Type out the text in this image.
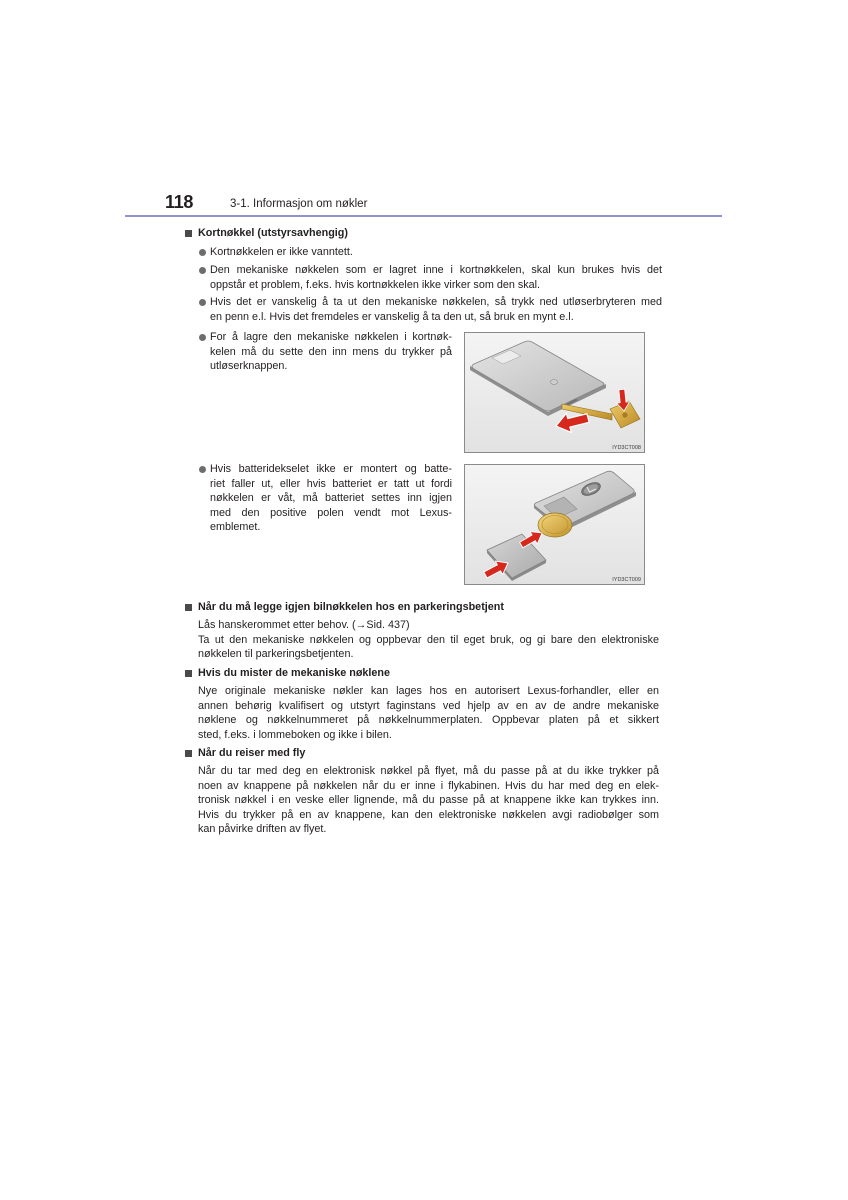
118	3-1. Informasjon om nøkler
Kortnøkkel (utstyrsavhengig)
Kortnøkkelen er ikke vanntett.
Den mekaniske nøkkelen som er lagret inne i kortnøkkelen, skal kun brukes hvis det
oppstår et problem, f.eks. hvis kortnøkkelen ikke virker som den skal.
Hvis det er vanskelig å ta ut den mekaniske nøkkelen, så trykk ned utløserbryteren med
en penn e.l. Hvis det fremdeles er vanskelig å ta den ut, så bruk en mynt e.l.
For å lagre den mekaniske nøkkelen i kortnøk-
kelen må du sette den inn mens du trykker på
utløserknappen.
IYD3CT008
Hvis batteridekselet ikke er montert og batte-
riet faller ut, eller hvis batteriet er tatt ut fordi
nøkkelen er våt, må batteriet settes inn igjen
med den positive polen vendt mot Lexus-
emblemet.
IYD3CT009
Når du må legge igjen bilnøkkelen hos en parkeringsbetjent
Lås hanskerommet etter behov. (→Sid. 437)
Ta ut den mekaniske nøkkelen og oppbevar den til eget bruk, og gi bare den elektroniske
nøkkelen til parkeringsbetjenten.
Hvis du mister de mekaniske nøklene
Nye originale mekaniske nøkler kan lages hos en autorisert Lexus-forhandler, eller en
annen behørig kvalifisert og utstyrt faginstans ved hjelp av en av de andre mekaniske
nøklene og nøkkelnummeret på nøkkelnummerplaten. Oppbevar platen på et sikkert
sted, f.eks. i lommeboken og ikke i bilen.
Når du reiser med fly
Når du tar med deg en elektronisk nøkkel på flyet, må du passe på at du ikke trykker på
noen av knappene på nøkkelen når du er inne i flykabinen. Hvis du har med deg en elek-
tronisk nøkkel i en veske eller lignende, må du passe på at knappene ikke kan trykkes inn.
Hvis du trykker på en av knappene, kan den elektroniske nøkkelen avgi radiobølger som
kan påvirke driften av flyet.
